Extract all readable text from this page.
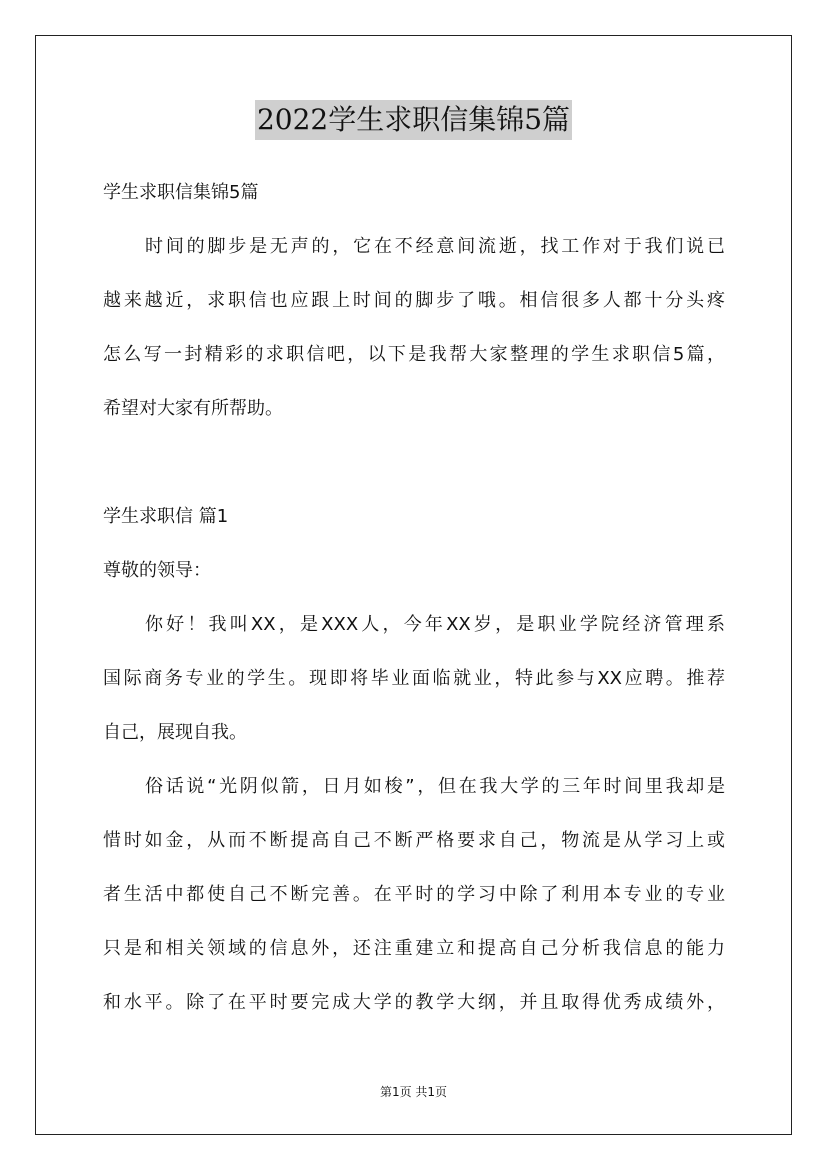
2022学生求职信集锦5篇
学生求职信集锦5篇
时间的脚步是无声的，它在不经意间流逝，找工作对于我们说已
越来越近，求职信也应跟上时间的脚步了哦。相信很多人都十分头疼
怎么写一封精彩的求职信吧，以下是我帮大家整理的学生求职信5篇，
希望对大家有所帮助。
学生求职信 篇1
尊敬的领导：
你好！我叫XX，是XXX人，今年XX岁，是职业学院经济管理系
国际商务专业的学生。现即将毕业面临就业，特此参与XX应聘。推荐
自己，展现自我。
俗话说“光阴似箭，日月如梭”，但在我大学的三年时间里我却是
惜时如金，从而不断提高自己不断严格要求自己，物流是从学习上或
者生活中都使自己不断完善。在平时的学习中除了利用本专业的专业
只是和相关领域的信息外，还注重建立和提高自己分析我信息的能力
和水平。除了在平时要完成大学的教学大纲，并且取得优秀成绩外，
第1页 共1页
